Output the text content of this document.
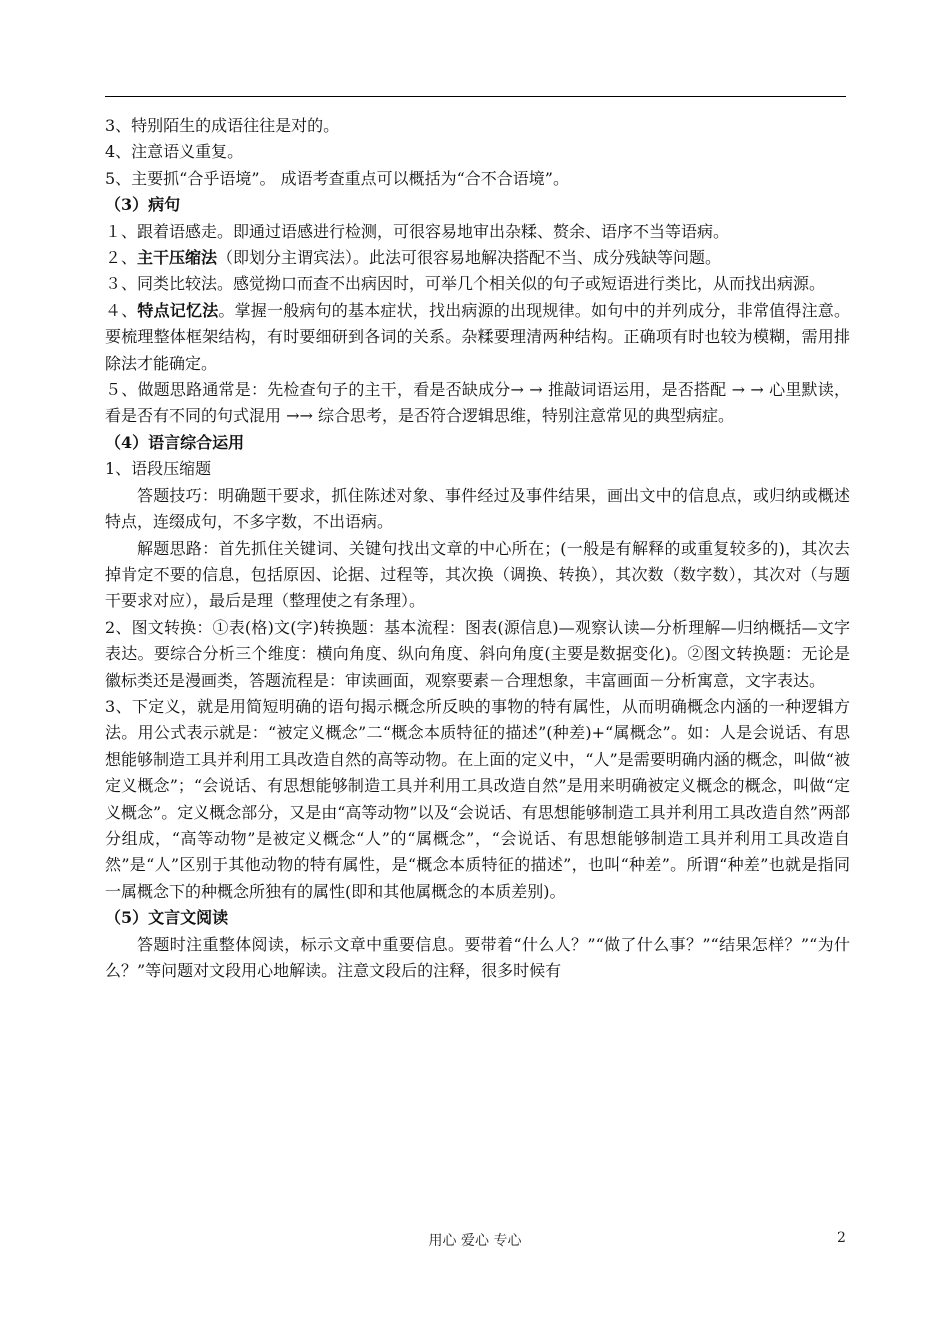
3、特别陌生的成语往往是对的。

4、注意语义重复。

5、主要抓“合乎语境”。 成语考查重点可以概括为“合不合语境”。

（3）病句

１、跟着语感走。即通过语感进行检测，可很容易地审出杂糅、赘余、语序不当等语病。

２、主干压缩法（即划分主谓宾法）。此法可很容易地解决搭配不当、成分残缺等问题。

３、同类比较法。感觉拗口而查不出病因时，可举几个相关似的句子或短语进行类比，从而找出病源。

４、特点记忆法。掌握一般病句的基本症状，找出病源的出现规律。如句中的并列成分，非常值得注意。要梳理整体框架结构，有时要细研到各词的关系。杂糅要理清两种结构。正确项有时也较为模糊，需用排除法才能确定。

５、做题思路通常是：先检查句子的主干，看是否缺成分→ → 推敲词语运用，是否搭配 → → 心里默读，看是否有不同的句式混用 →→ 综合思考，是否符合逻辑思维，特别注意常见的典型病症。

（4）语言综合运用

1、语段压缩题

答题技巧：明确题干要求，抓住陈述对象、事件经过及事件结果，画出文中的信息点，或归纳或概述特点，连缀成句，不多字数，不出语病。

解题思路：首先抓住关键词、关键句找出文章的中心所在；(一般是有解释的或重复较多的)，其次去掉肯定不要的信息，包括原因、论据、过程等，其次换（调换、转换），其次数（数字数），其次对（与题干要求对应），最后是理（整理使之有条理）。

2、图文转换：①表(格)文(字)转换题：基本流程：图表(源信息)—观察认读—分析理解—归纳概括—文字表达。要综合分析三个维度：横向角度、纵向角度、斜向角度(主要是数据变化)。②图文转换题：无论是徽标类还是漫画类，答题流程是：审读画面，观察要素－合理想象，丰富画面－分析寓意，文字表达。

3、下定义，就是用简短明确的语句揭示概念所反映的事物的特有属性，从而明确概念内涵的一种逻辑方法。用公式表示就是：“被定义概念”二“概念本质特征的描述”(种差)+“属概念”。如：人是会说话、有思想能够制造工具并利用工具改造自然的高等动物。在上面的定义中，“人”是需要明确内涵的概念，叫做“被定义概念”；“会说话、有思想能够制造工具并利用工具改造自然”是用来明确被定义概念的概念，叫做“定义概念”。定义概念部分，又是由“高等动物”以及“会说话、有思想能够制造工具并利用工具改造自然”两部分组成，“高等动物”是被定义概念“人”的“属概念”，“会说话、有思想能够制造工具并利用工具改造自然”是“人”区别于其他动物的特有属性，是“概念本质特征的描述”，也叫“种差”。所谓“种差”也就是指同一属概念下的种概念所独有的属性(即和其他属概念的本质差别)。

（5）文言文阅读

答题时注重整体阅读，标示文章中重要信息。要带着“什么人？”“做了什么事？”“结果怎样？”“为什么？”等问题对文段用心地解读。注意文段后的注释，很多时候有

用心 爱心 专心	2
